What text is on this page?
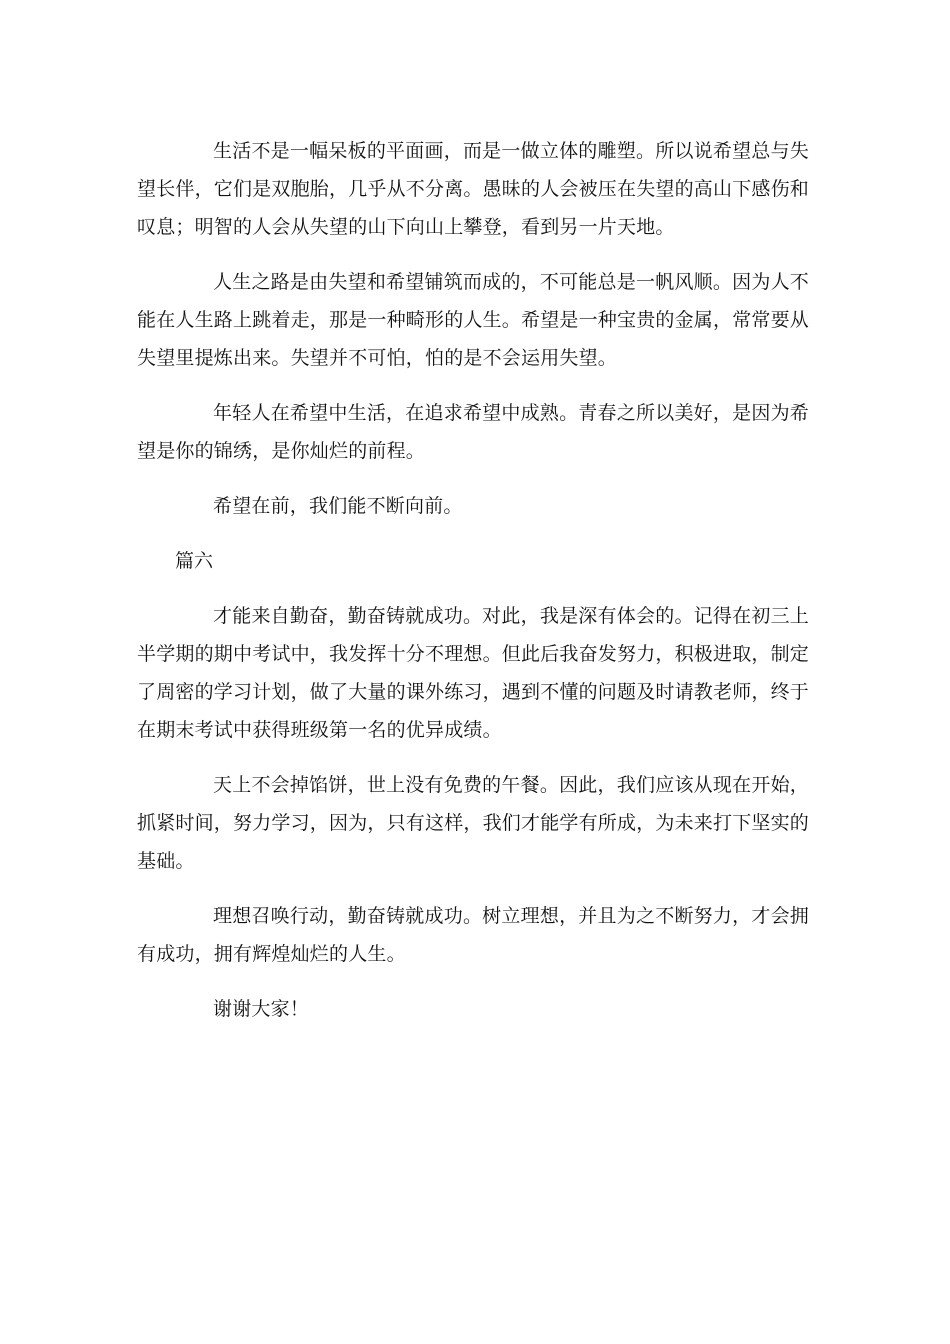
生活不是一幅呆板的平面画，而是一做立体的雕塑。所以说希望总与失望长伴，它们是双胞胎，几乎从不分离。愚昧的人会被压在失望的高山下感伤和叹息；明智的人会从失望的山下向山上攀登，看到另一片天地。

人生之路是由失望和希望铺筑而成的，不可能总是一帆风顺。因为人不能在人生路上跳着走，那是一种畸形的人生。希望是一种宝贵的金属，常常要从失望里提炼出来。失望并不可怕，怕的是不会运用失望。

年轻人在希望中生活，在追求希望中成熟。青春之所以美好，是因为希望是你的锦绣，是你灿烂的前程。

希望在前，我们能不断向前。

篇六

才能来自勤奋，勤奋铸就成功。对此，我是深有体会的。记得在初三上半学期的期中考试中，我发挥十分不理想。但此后我奋发努力，积极进取，制定了周密的学习计划，做了大量的课外练习，遇到不懂的问题及时请教老师，终于在期末考试中获得班级第一名的优异成绩。

天上不会掉馅饼，世上没有免费的午餐。因此，我们应该从现在开始，抓紧时间，努力学习，因为，只有这样，我们才能学有所成，为未来打下坚实的基础。

理想召唤行动，勤奋铸就成功。树立理想，并且为之不断努力，才会拥有成功，拥有辉煌灿烂的人生。

谢谢大家！
